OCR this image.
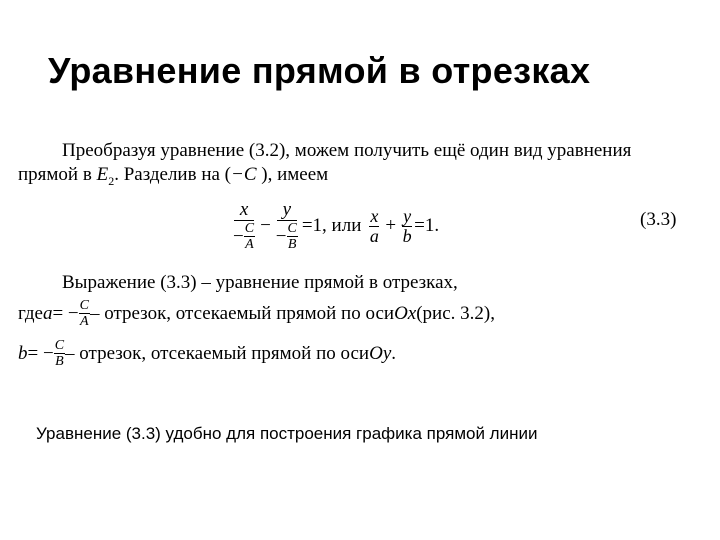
Уравнение прямой в отрезках
Преобразуя уравнение (3.2), можем получить ещё один вид уравнения
прямой в $E_2$. Разделив на (−C ), имеем
$\frac{x}{- \frac{C}{A}} - \frac{y}{- \frac{C}{B}} =1$, или x
$a + \frac{y}{b} =1$.	(3.3)
Выражение (3.3) – уравнение прямой в отрезках,
где a = − $\frac{C}{A}$ – отрезок, отсекаемый прямой по оси Ox (рис. 3.2),
b = − $\frac{C}{B}$ – отрезок, отсекаемый прямой по оси Oy .
Уравнение (3.3) удобно для построения графика прямой линии
